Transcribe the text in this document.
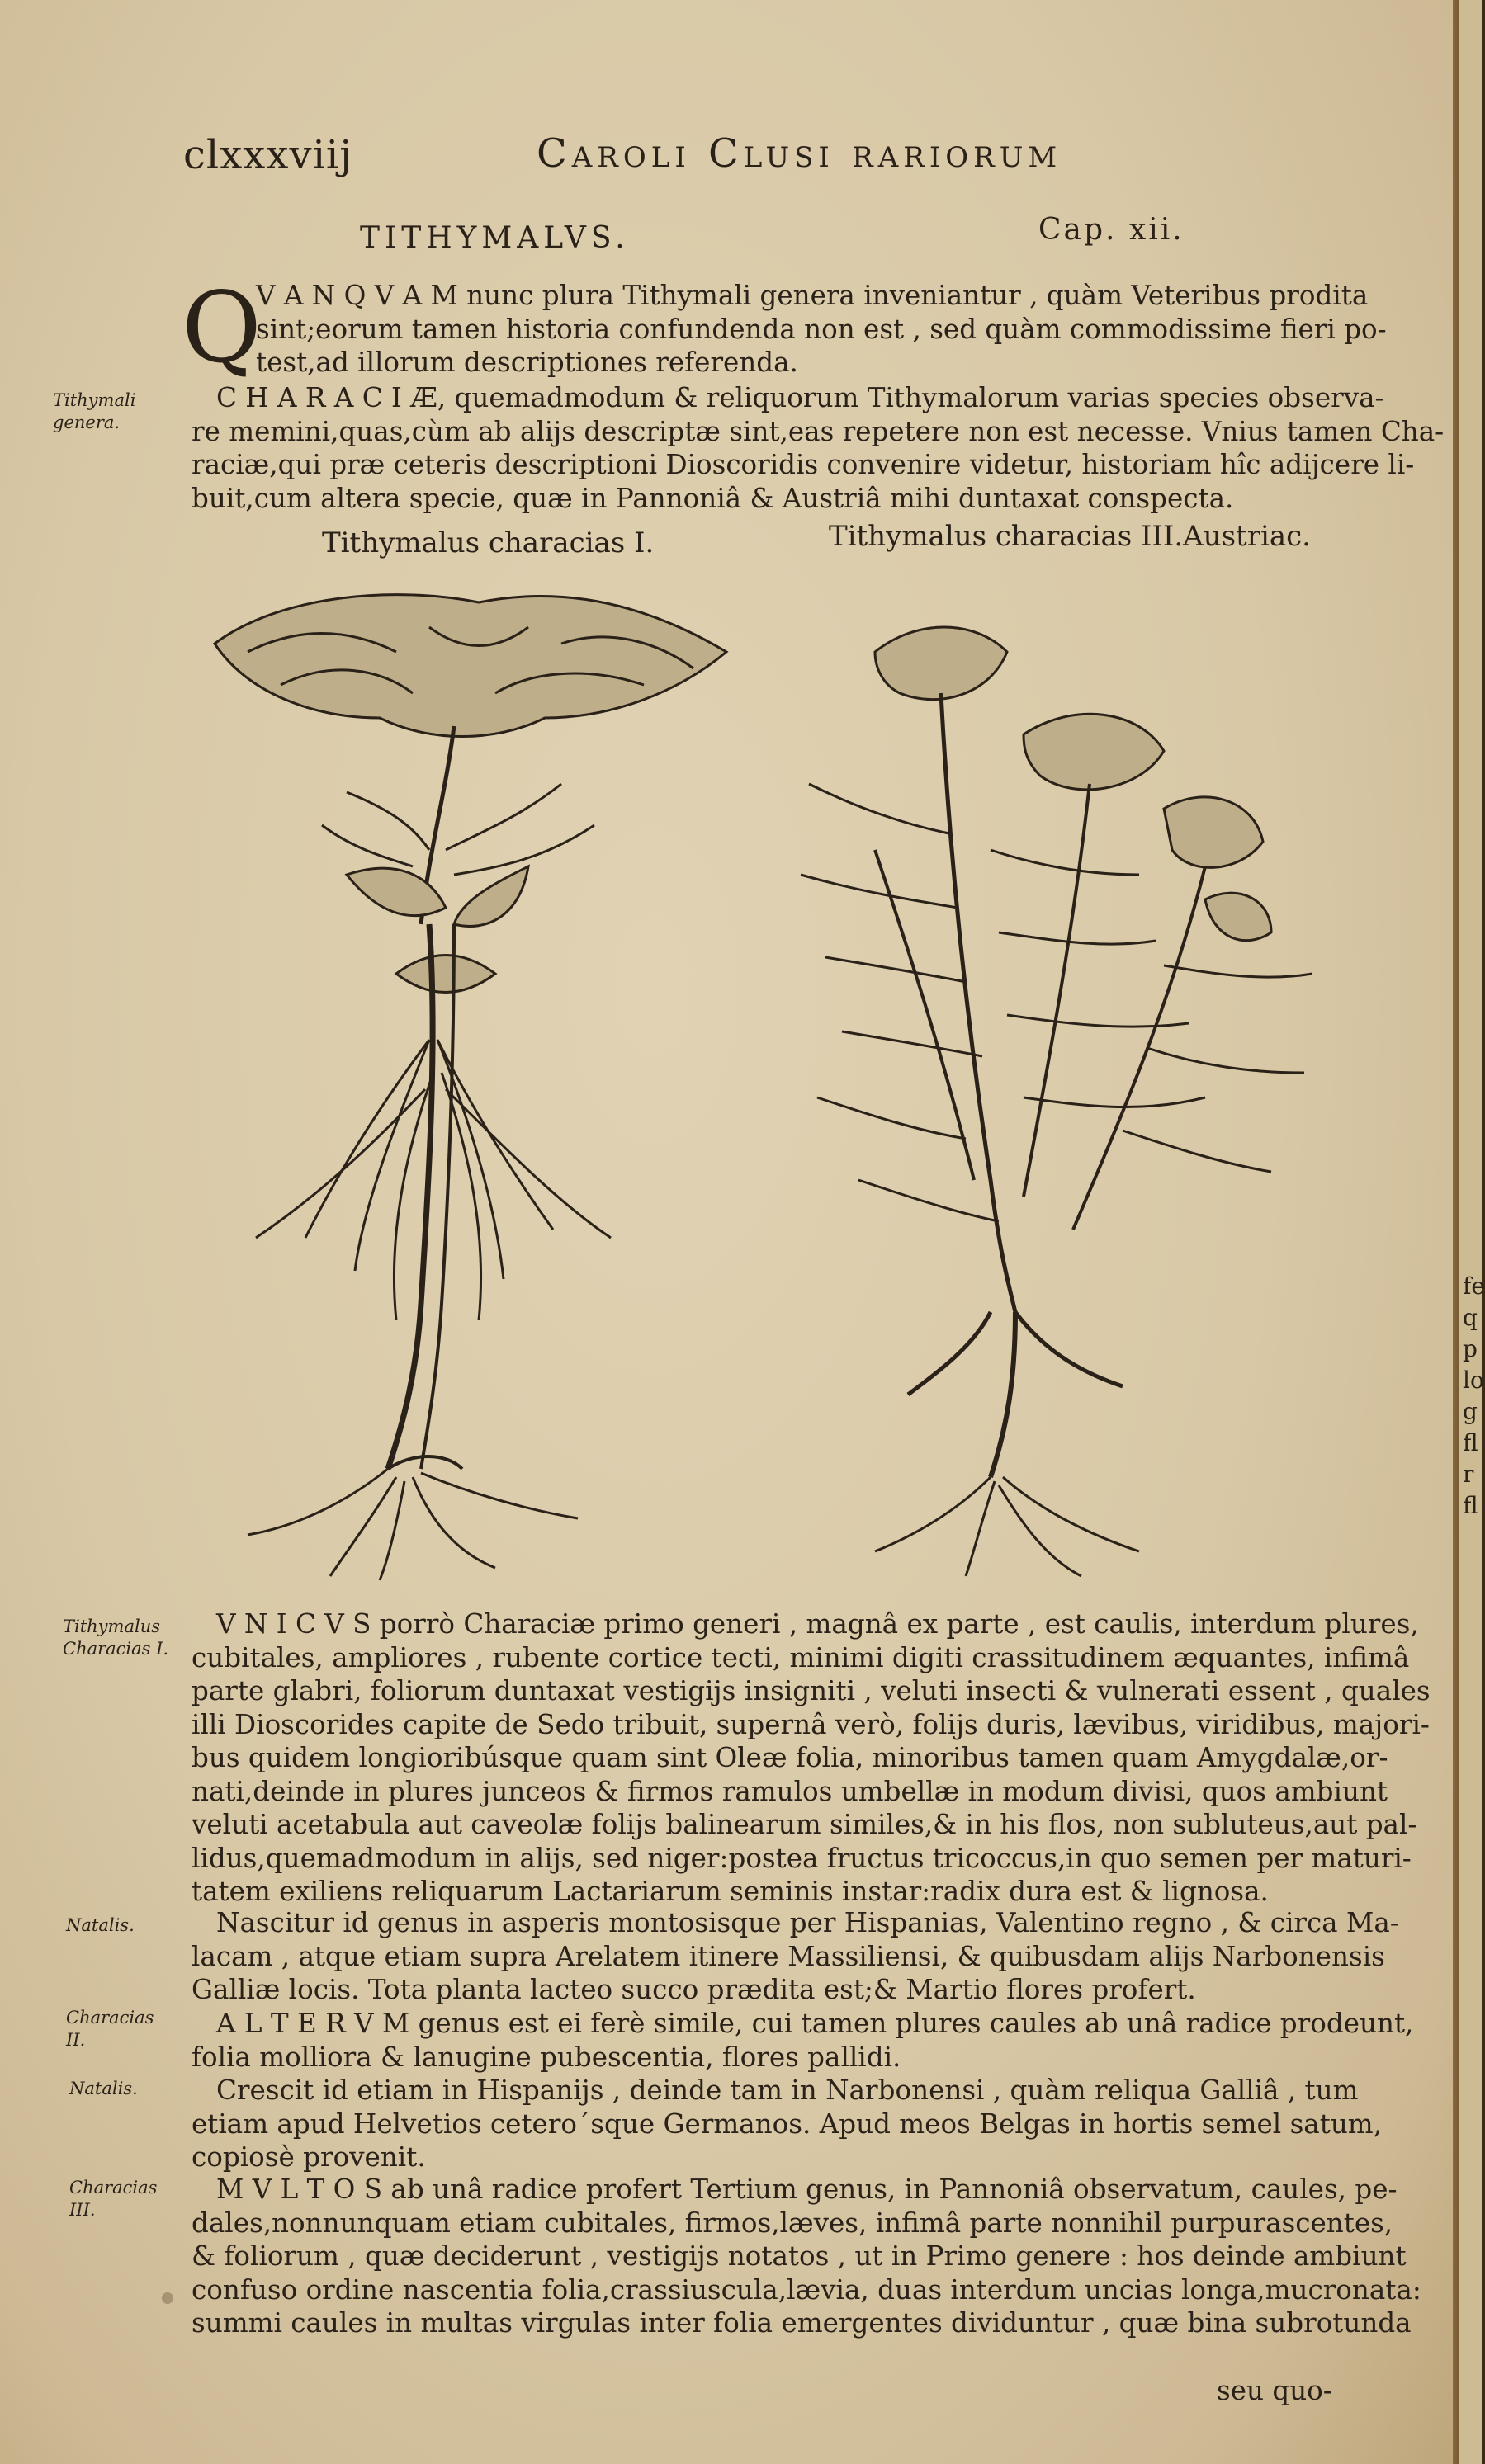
clxxxviij	Caroli Clusi rariorum
TITHYMALVS.	Cap. xii.
Q

V A N Q V A M nunc plura Tithymali genera inveniantur , quàm Veteribus prodita

sint;eorum tamen historia confundenda non est , sed quàm commodissime fieri po-

test,ad illorum descriptiones referenda.

C H A R A C I Æ, quemadmodum & reliquorum Tithymalorum varias species observa-

re memini,quas,cùm ab alijs descriptæ sint,eas repetere non est necesse. Vnius tamen Cha-

raciæ,qui præ ceteris descriptioni Dioscoridis convenire videtur, historiam hîc adijcere li-

buit,cum altera specie, quæ in Pannoniâ & Austriâ mihi duntaxat conspecta.

Tithymali
genera.
Tithymalus characias I.	Tithymalus characias III.Austriac.
Tithymalus
Characias I.

V N I C V S porrò Characiæ primo generi , magnâ ex parte , est caulis, interdum plures,

cubitales, ampliores , rubente cortice tecti, minimi digiti crassitudinem æquantes, infimâ

parte glabri, foliorum duntaxat vestigijs insigniti , veluti insecti & vulnerati essent , quales

illi Dioscorides capite de Sedo tribuit, supernâ verò, folijs duris, lævibus, viridibus, majori-

bus quidem longioribúsque quam sint Oleæ folia, minoribus tamen quam Amygdalæ,or-

nati,deinde in plures junceos & firmos ramulos umbellæ in modum divisi, quos ambiunt

veluti acetabula aut caveolæ folijs balinearum similes,& in his flos, non subluteus,aut pal-

lidus,quemadmodum in alijs, sed niger:postea fructus tricoccus,in quo semen per maturi-

tatem exiliens reliquarum Lactariarum seminis instar:radix dura est & lignosa.

Natalis.	Nascitur id genus in asperis montosisque per Hispanias, Valentino regno , & circa Ma-

lacam , atque etiam supra Arelatem itinere Massiliensi, & quibusdam alijs Narbonensis

Galliæ locis. Tota planta lacteo succo prædita est;& Martio flores profert.

Characias
II.

A L T E R V M genus est ei ferè simile, cui tamen plures caules ab unâ radice prodeunt,

folia molliora & lanugine pubescentia, flores pallidi.

Natalis.	Crescit id etiam in Hispanijs , deinde tam in Narbonensi , quàm reliqua Galliâ , tum

etiam apud Helvetios cetero´sque Germanos. Apud meos Belgas in hortis semel satum,

copiosè provenit.

Characias
III.

M V L T O S ab unâ radice profert Tertium genus, in Pannoniâ observatum, caules, pe-

dales,nonnunquam etiam cubitales, firmos,læves, infimâ parte nonnihil purpurascentes,

& foliorum , quæ deciderunt , vestigijs notatos , ut in Primo genere : hos deinde ambiunt

confuso ordine nascentia folia,crassiuscula,lævia, duas interdum uncias longa,mucronata:

summi caules in multas virgulas inter folia emergentes dividuntur , quæ bina subrotunda

seu quo-
fe
q
p
lo
g
fl
r
fl
